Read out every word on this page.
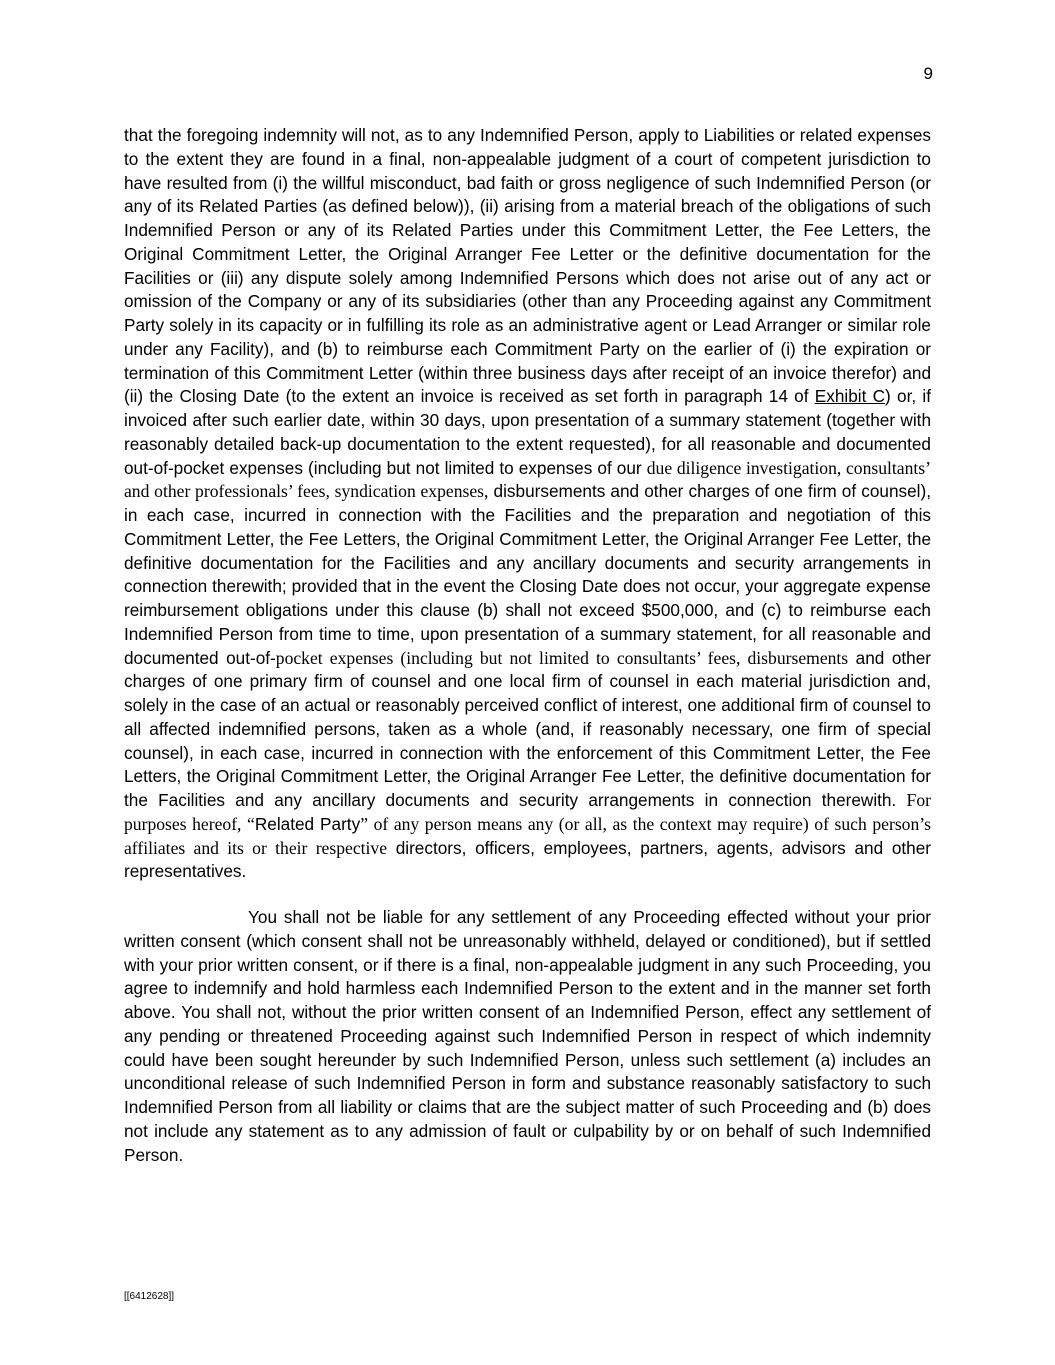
9

that the foregoing indemnity will not, as to any Indemnified Person, apply to Liabilities or related expenses to the extent they are found in a final, non-appealable judgment of a court of competent jurisdiction to have resulted from (i) the willful misconduct, bad faith or gross negligence of such Indemnified Person (or any of its Related Parties (as defined below)), (ii) arising from a material breach of the obligations of such Indemnified Person or any of its Related Parties under this Commitment Letter, the Fee Letters, the Original Commitment Letter, the Original Arranger Fee Letter or the definitive documentation for the Facilities or (iii) any dispute solely among Indemnified Persons which does not arise out of any act or omission of the Company or any of its subsidiaries (other than any Proceeding against any Commitment Party solely in its capacity or in fulfilling its role as an administrative agent or Lead Arranger or similar role under any Facility), and (b) to reimburse each Commitment Party on the earlier of (i) the expiration or termination of this Commitment Letter (within three business days after receipt of an invoice therefor) and (ii) the Closing Date (to the extent an invoice is received as set forth in paragraph 14 of Exhibit C) or, if invoiced after such earlier date, within 30 days, upon presentation of a summary statement (together with reasonably detailed back-up documentation to the extent requested), for all reasonable and documented out-of-pocket expenses (including but not limited to expenses of our due diligence investigation, consultants’ and other professionals’ fees, syndication expenses, disbursements and other charges of one firm of counsel), in each case, incurred in connection with the Facilities and the preparation and negotiation of this Commitment Letter, the Fee Letters, the Original Commitment Letter, the Original Arranger Fee Letter, the definitive documentation for the Facilities and any ancillary documents and security arrangements in connection therewith; provided that in the event the Closing Date does not occur, your aggregate expense reimbursement obligations under this clause (b) shall not exceed $500,000, and (c) to reimburse each Indemnified Person from time to time, upon presentation of a summary statement, for all reasonable and documented out-of-pocket expenses (including but not limited to consultants’ fees, disbursements and other charges of one primary firm of counsel and one local firm of counsel in each material jurisdiction and, solely in the case of an actual or reasonably perceived conflict of interest, one additional firm of counsel to all affected indemnified persons, taken as a whole (and, if reasonably necessary, one firm of special counsel), in each case, incurred in connection with the enforcement of this Commitment Letter, the Fee Letters, the Original Commitment Letter, the Original Arranger Fee Letter, the definitive documentation for the Facilities and any ancillary documents and security arrangements in connection therewith. For purposes hereof, “Related Party” of any person means any (or all, as the context may require) of such person’s affiliates and its or their respective directors, officers, employees, partners, agents, advisors and other representatives.

You shall not be liable for any settlement of any Proceeding effected without your prior written consent (which consent shall not be unreasonably withheld, delayed or conditioned), but if settled with your prior written consent, or if there is a final, non-appealable judgment in any such Proceeding, you agree to indemnify and hold harmless each Indemnified Person to the extent and in the manner set forth above. You shall not, without the prior written consent of an Indemnified Person, effect any settlement of any pending or threatened Proceeding against such Indemnified Person in respect of which indemnity could have been sought hereunder by such Indemnified Person, unless such settlement (a) includes an unconditional release of such Indemnified Person in form and substance reasonably satisfactory to such Indemnified Person from all liability or claims that are the subject matter of such Proceeding and (b) does not include any statement as to any admission of fault or culpability by or on behalf of such Indemnified Person.

[[6412628]]
